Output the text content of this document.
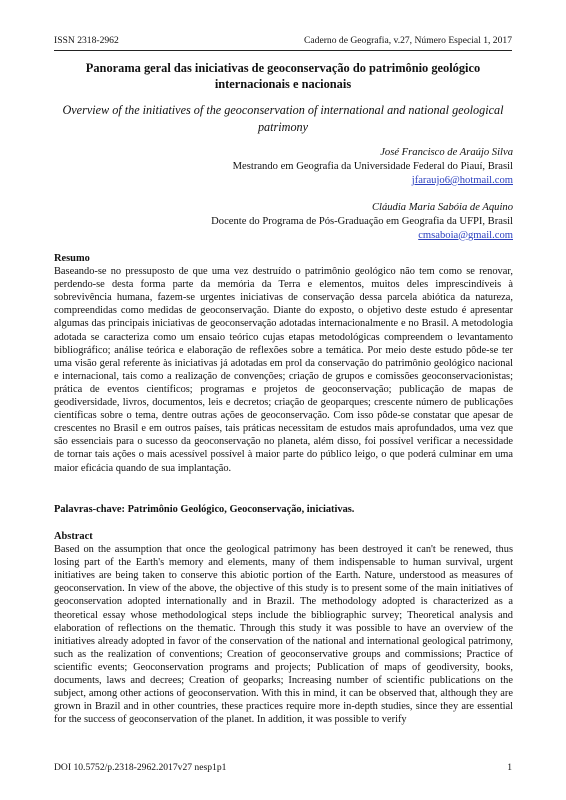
ISSN 2318-2962	Caderno de Geografia, v.27, Número Especial 1, 2017
Panorama geral das iniciativas de geoconservação do patrimônio geológico internacionais e nacionais
Overview of the initiatives of the geoconservation of international and national geological patrimony
José Francisco de Araújo Silva
Mestrando em Geografia da Universidade Federal do Piauí, Brasil
jfaraujo6@hotmail.com
Cláudia Maria Sabóia de Aquino
Docente do Programa de Pós-Graduação em Geografia da UFPI, Brasil
cmsaboia@gmail.com
Resumo
Baseando-se no pressuposto de que uma vez destruído o patrimônio geológico não tem como se renovar, perdendo-se desta forma parte da memória da Terra e elementos, muitos deles imprescindíveis à sobrevivência humana, fazem-se urgentes iniciativas de conservação dessa parcela abiótica da natureza, compreendidas como medidas de geoconservação. Diante do exposto, o objetivo deste estudo é apresentar algumas das principais iniciativas de geoconservação adotadas internacionalmente e no Brasil. A metodologia adotada se caracteriza como um ensaio teórico cujas etapas metodológicas compreendem o levantamento bibliográfico; análise teórica e elaboração de reflexões sobre a temática. Por meio deste estudo pôde-se ter uma visão geral referente às iniciativas já adotadas em prol da conservação do patrimônio geológico nacional e internacional, tais como a realização de convenções; criação de grupos e comissões geoconservacionistas; prática de eventos científicos; programas e projetos de geoconservação; publicação de mapas de geodiversidade, livros, documentos, leis e decretos; criação de geoparques; crescente número de publicações científicas sobre o tema, dentre outras ações de geoconservação. Com isso pôde-se constatar que apesar de crescentes no Brasil e em outros países, tais práticas necessitam de estudos mais aprofundados, uma vez que são essenciais para o sucesso da geoconservação no planeta, além disso, foi possível verificar a necessidade de tornar tais ações o mais acessível possível à maior parte do público leigo, o que poderá culminar em uma maior eficácia quando de sua implantação.
Palavras-chave: Patrimônio Geológico, Geoconservação, iniciativas.
Abstract
Based on the assumption that once the geological patrimony has been destroyed it can't be renewed, thus losing part of the Earth's memory and elements, many of them indispensable to human survival, urgent initiatives are being taken to conserve this abiotic portion of the Earth. Nature, understood as measures of geoconservation. In view of the above, the objective of this study is to present some of the main initiatives of geoconservation adopted internationally and in Brazil. The methodology adopted is characterized as a theoretical essay whose methodological steps include the bibliographic survey; Theoretical analysis and elaboration of reflections on the thematic. Through this study it was possible to have an overview of the initiatives already adopted in favor of the conservation of the national and international geological patrimony, such as the realization of conventions; Creation of geoconservative groups and commissions; Practice of scientific events; Geoconservation programs and projects; Publication of maps of geodiversity, books, documents, laws and decrees; Creation of geoparks; Increasing number of scientific publications on the subject, among other actions of geoconservation. With this in mind, it can be observed that, although they are grown in Brazil and in other countries, these practices require more in-depth studies, since they are essential for the success of geoconservation of the planet. In addition, it was possible to verify
DOI 10.5752/p.2318-2962.2017v27 nesp1p1	1
